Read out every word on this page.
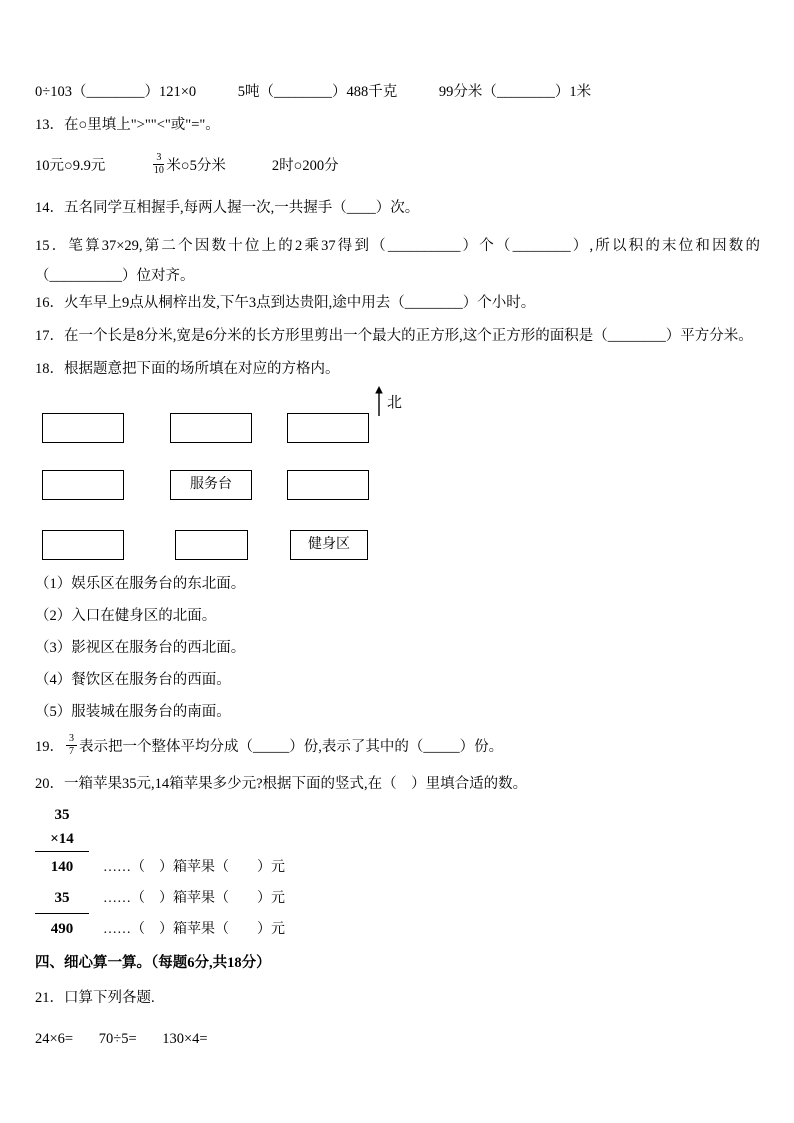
0÷103（________）121×0	5吨（________）488千克	99分米（________）1米

13．在○里填上">""<"或"="。

10元○9.9元	$\frac{3}{10}$ 米○5分米	2时○200分

14．五名同学互相握手,每两人握一次,一共握手（____）次。

15．笔算37×29,第二个因数十位上的2乘37得到（__________）个（________）,所以积的末位和因数的（__________）位对齐。

16．火车早上9点从桐梓出发,下午3点到达贵阳,途中用去（________）个小时。

17．在一个长是8分米,宽是6分米的长方形里剪出一个最大的正方形,这个正方形的面积是（________）平方分米。

18．根据题意把下面的场所填在对应的方格内。

北
服务台
健身区

（1）娱乐区在服务台的东北面。

（2）入口在健身区的北面。

（3）影视区在服务台的西北面。

（4）餐饮区在服务台的西面。

（5）服装城在服务台的南面。

19． $\frac{3}{7}$ 表示把一个整体平均分成（_____）份,表示了其中的（_____）份。

20．一箱苹果35元,14箱苹果多少元?根据下面的竖式,在（　）里填合适的数。

35
×14
140 ……（　）箱苹果（　　）元
35 ……（　）箱苹果（　　）元
490 ……（　）箱苹果（　　）元

四、细心算一算。（每题6分,共18分）

21．口算下列各题.

24×6= 70÷5= 130×4=
